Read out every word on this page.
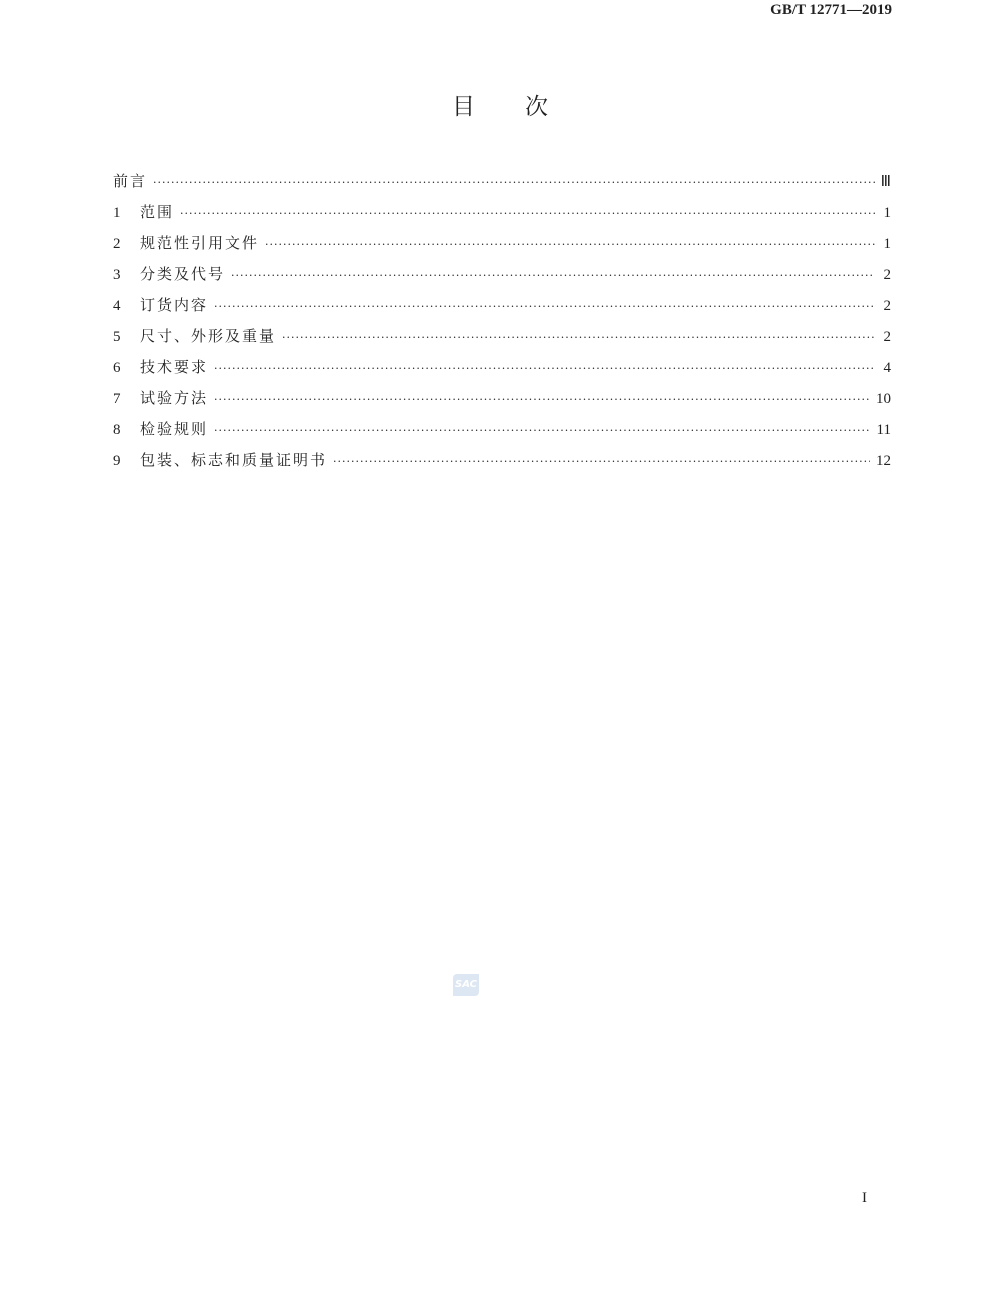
GB/T 12771—2019
目次
前言 ·····	Ⅲ
1	范围 ·····	1
2	规范性引用文件 ·····	1
3	分类及代号 ·····	2
4	订货内容 ·····	2
5	尺寸、外形及重量 ·····	2
6	技术要求 ·····	4
7	试验方法 ·····	10
8	检验规则 ·····	11
9	包装、标志和质量证明书 ·····	12
SAC
I
